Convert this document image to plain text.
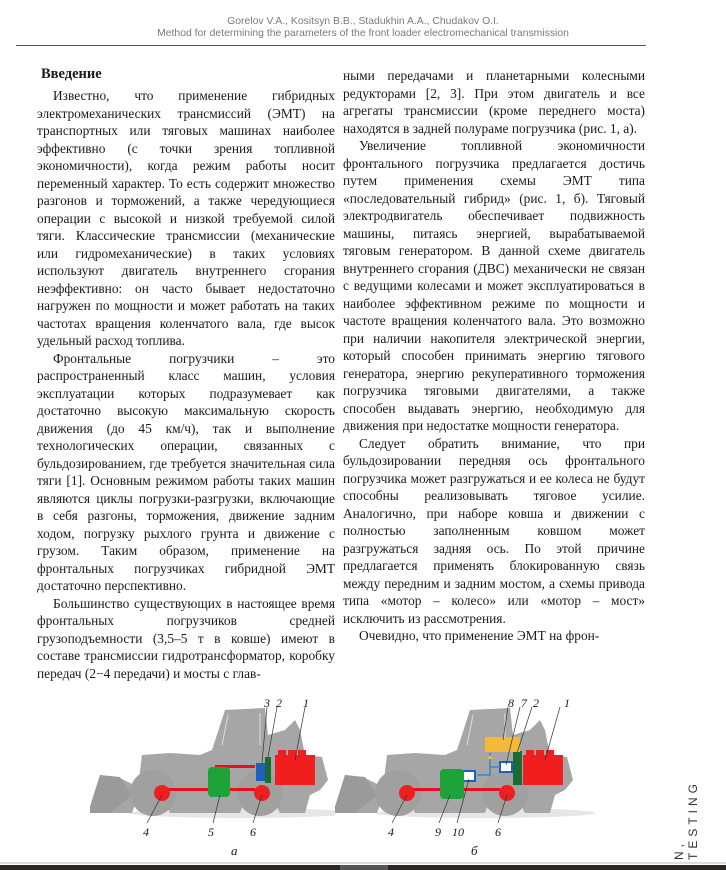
Gorelov V.A., Kositsyn B.B., Stadukhin A.A., Chudakov O.I.
Method for determining the parameters of the front loader electromechanical transmission
Введение

Известно, что применение гибридных электромеханических трансмиссий (ЭМТ) на транспортных или тяговых машинах наиболее эффективно (с точки зрения топливной экономичности), когда режим работы носит переменный характер. То есть содержит множество разгонов и торможений, а также чередующиеся операции с высокой и низкой требуемой силой тяги. Классические трансмиссии (механические или гидромеханические) в таких условиях используют двигатель внутреннего сгорания неэффективно: он часто бывает недостаточно нагружен по мощности и может работать на таких частотах вращения коленчатого вала, где высок удельный расход топлива.

Фронтальные погрузчики – это распространенный класс машин, условия эксплуатации которых подразумевает как достаточно высокую максимальную скорость движения (до 45 км/ч), так и выполнение технологических операции, связанных с бульдозированием, где требуется значительная сила тяги [1]. Основным режимом работы таких машин являются циклы погрузки-разгрузки, включающие в себя разгоны, торможения, движение задним ходом, погрузку рыхлого грунта и движение с грузом. Таким образом, применение на фронтальных погрузчиках гибридной ЭМТ достаточно перспективно.

Большинство существующих в настоящее время фронтальных погрузчиков средней грузоподъемности (3,5–5 т в ковше) имеют в составе трансмиссии гидротрансформатор, коробку передач (2−4 передачи) и мосты с глав-

ными передачами и планетарными колесными редукторами [2, 3]. При этом двигатель и все агрегаты трансмиссии (кроме переднего моста) находятся в задней полураме погрузчика (рис. 1, а).

Увеличение топливной экономичности фронтального погрузчика предлагается достичь путем применения схемы ЭМТ типа «последовательный гибрид» (рис. 1, б). Тяговый электродвигатель обеспечивает подвижность машины, питаясь энергией, вырабатываемой тяговым генератором. В данной схеме двигатель внутреннего сгорания (ДВС) механически не связан с ведущими колесами и может эксплуатироваться в наиболее эффективном режиме по мощности и частоте вращения коленчатого вала. Это возможно при наличии накопителя электрической энергии, который способен принимать энергию тягового генератора, энергию рекуперативного торможения погрузчика тяговыми двигателями, а также способен выдавать энергию, необходимую для движения при недостатке мощности генератора.

Следует обратить внимание, что при бульдозировании передняя ось фронтального погрузчика может разгружаться и ее колеса не будут способны реализовывать тяговое усилие. Аналогично, при наборе ковша и движении с полностью заполненным ковшом может разгружаться задняя ось. По этой причине предлагается применять блокированную связь между передним и задним мостом, а схемы привода типа «мотор – колесо» или «мотор – мост» исключить из рассмотрения.

Очевидно, что применение ЭМТ на фрон-

4	5	6
3 2 1
а
4	9 10	6
8 7 2 1
б	N, TESTING
